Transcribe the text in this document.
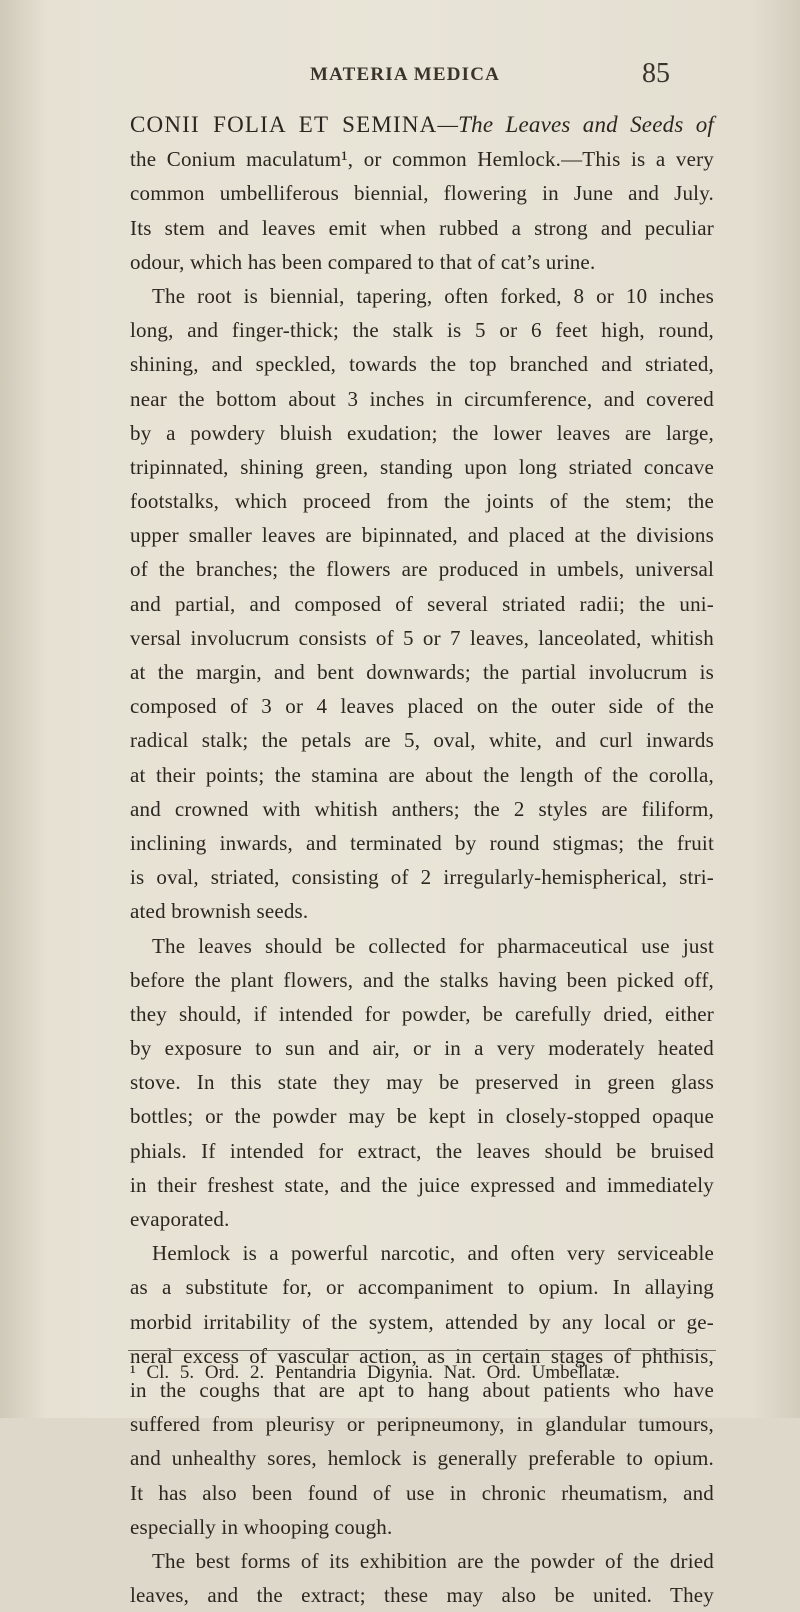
MATERIA MEDICA	85
CONII FOLIA ET SEMINA—The Leaves and Seeds of
the Conium maculatum¹, or common Hemlock.—This is a very
common umbelliferous biennial, flowering in June and July.
Its stem and leaves emit when rubbed a strong and peculiar
odour, which has been compared to that of cat’s urine.
The root is biennial, tapering, often forked, 8 or 10 inches
long, and finger-thick; the stalk is 5 or 6 feet high, round,
shining, and speckled, towards the top branched and striated,
near the bottom about 3 inches in circumference, and covered
by a powdery bluish exudation; the lower leaves are large,
tripinnated, shining green, standing upon long striated concave
footstalks, which proceed from the joints of the stem; the
upper smaller leaves are bipinnated, and placed at the divisions
of the branches; the flowers are produced in umbels, universal
and partial, and composed of several striated radii; the uni-
versal involucrum consists of 5 or 7 leaves, lanceolated, whitish
at the margin, and bent downwards; the partial involucrum is
composed of 3 or 4 leaves placed on the outer side of the
radical stalk; the petals are 5, oval, white, and curl inwards
at their points; the stamina are about the length of the corolla,
and crowned with whitish anthers; the 2 styles are filiform,
inclining inwards, and terminated by round stigmas; the fruit
is oval, striated, consisting of 2 irregularly-hemispherical, stri-
ated brownish seeds.
The leaves should be collected for pharmaceutical use just
before the plant flowers, and the stalks having been picked off,
they should, if intended for powder, be carefully dried, either
by exposure to sun and air, or in a very moderately heated
stove. In this state they may be preserved in green glass
bottles; or the powder may be kept in closely-stopped opaque
phials. If intended for extract, the leaves should be bruised
in their freshest state, and the juice expressed and immediately
evaporated.
Hemlock is a powerful narcotic, and often very serviceable
as a substitute for, or accompaniment to opium. In allaying
morbid irritability of the system, attended by any local or ge-
neral excess of vascular action, as in certain stages of phthisis,
in the coughs that are apt to hang about patients who have
suffered from pleurisy or peripneumony, in glandular tumours,
and unhealthy sores, hemlock is generally preferable to opium.
It has also been found of use in chronic rheumatism, and
especially in whooping cough.
The best forms of its exhibition are the powder of the dried
leaves, and the extract; these may also be united. They
¹ Cl. 5. Ord. 2. Pentandria Digynia. Nat. Ord. Umbellatæ.
